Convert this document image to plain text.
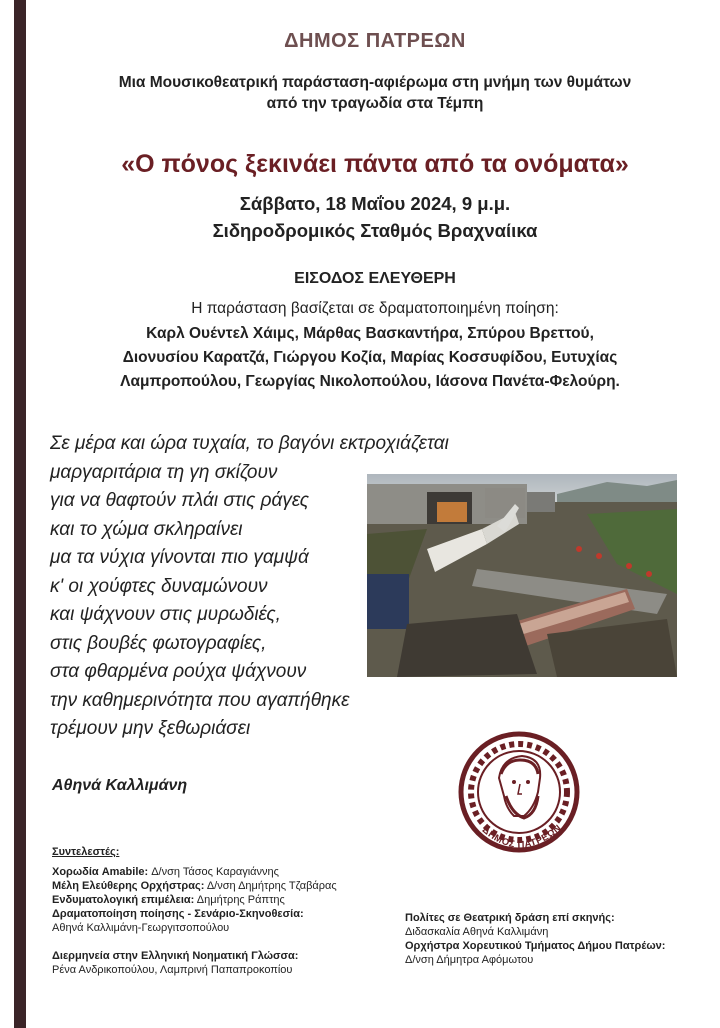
ΔΗΜΟΣ ΠΑΤΡΕΩΝ
Μια Μουσικοθεατρική παράσταση-αφιέρωμα στη μνήμη των θυμάτων
από την τραγωδία στα Τέμπη
«Ο πόνος ξεκινάει πάντα από τα ονόματα»
Σάββατο, 18 Μαΐου 2024, 9 μ.μ.
Σιδηροδρομικός Σταθμός Βραχναίικα
ΕΙΣΟΔΟΣ ΕΛΕΥΘΕΡΗ
Η παράσταση βασίζεται σε δραματοποιημένη ποίηση:
Καρλ Ουέντελ Χάιμς, Μάρθας Βασκαντήρα, Σπύρου Βρεττού,
Διονυσίου Καρατζά, Γιώργου Κοζία, Μαρίας Κοσσυφίδου, Ευτυχίας
Λαμπροπούλου, Γεωργίας Νικολοπούλου, Ιάσονα Πανέτα-Φελούρη.
Σε μέρα και ώρα τυχαία, το βαγόνι εκτροχιάζεται
μαργαριτάρια τη γη σκίζουν
για να θαφτούν πλάι στις ράγες
και το χώμα σκληραίνει
μα τα νύχια γίνονται πιο γαμψά
κ' οι χούφτες δυναμώνουν
και ψάχνουν στις μυρωδιές,
στις βουβές φωτογραφίες,
στα φθαρμένα ρούχα ψάχνουν
την καθημερινότητα που αγαπήθηκε
τρέμουν μην ξεθωριάσει
Αθηνά Καλλιμάνη
ΔΗΜΟΣ ΠΑΤΡΕΩΝ
Συντελεστές:
Χορωδία Amabile: Δ/νση Τάσος Καραγιάννης
Μέλη Ελεύθερης Ορχήστρας: Δ/νση Δημήτρης Τζαβάρας
Ενδυματολογική επιμέλεια: Δημήτρης Ράπτης
Δραματοποίηση ποίησης - Σενάριο-Σκηνοθεσία:
Αθηνά Καλλιμάνη-Γεωργιτσοπούλου
Διερμηνεία στην Ελληνική Νοηματική Γλώσσα:
Ρένα Ανδρικοπούλου, Λαμπρινή Παπαπροκοπίου
Πολίτες σε Θεατρική δράση επί σκηνής:
Διδασκαλία Αθηνά Καλλιμάνη
Ορχήστρα Χορευτικού Τμήματος Δήμου Πατρέων:
Δ/νση Δήμητρα Αφόμωτου
